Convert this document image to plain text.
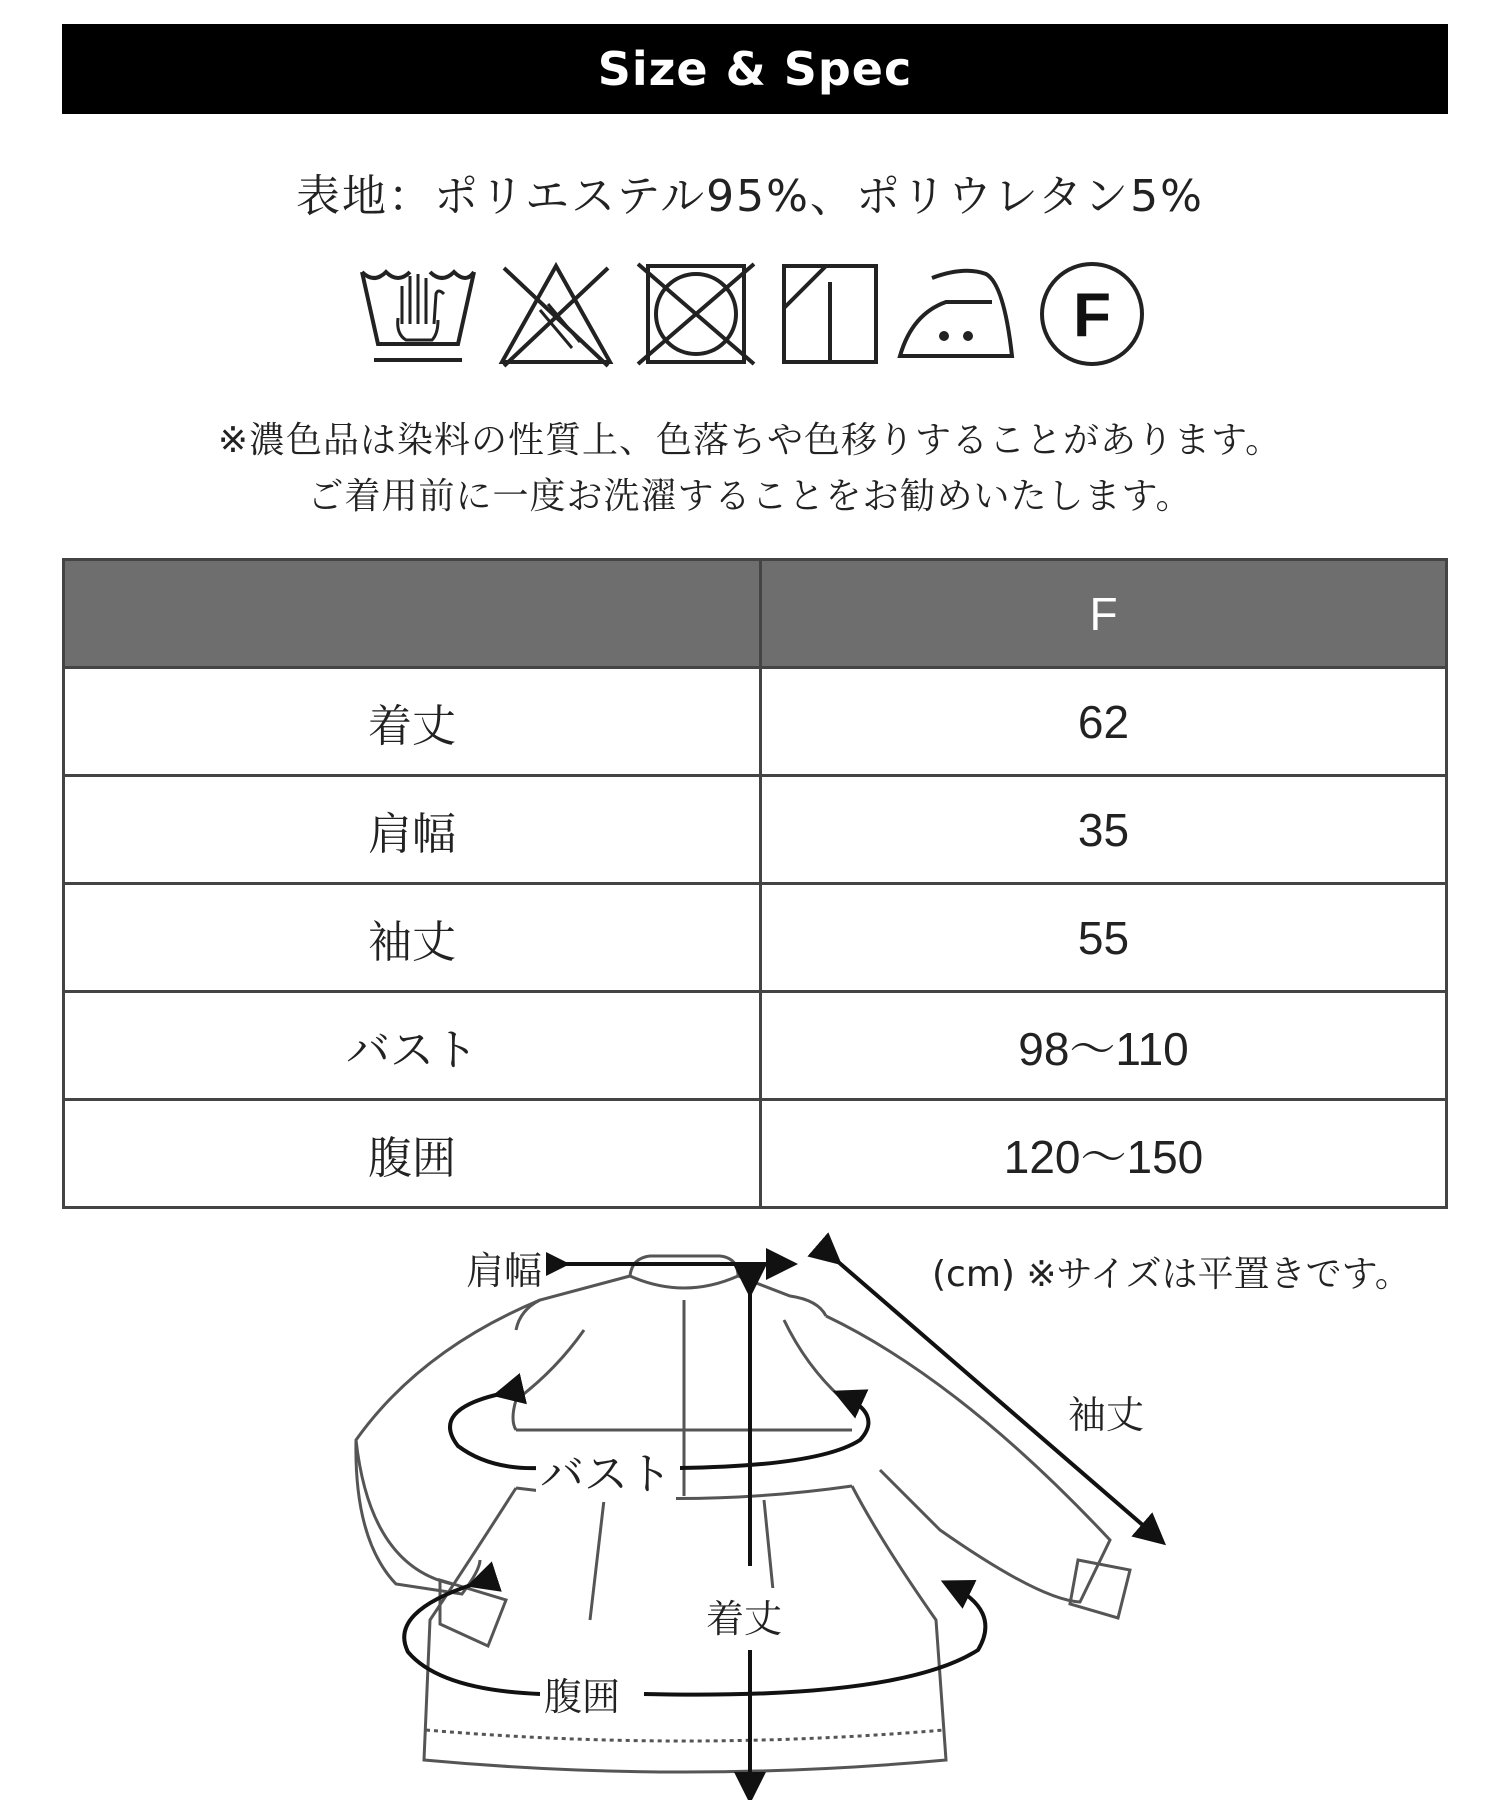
Size & Spec
表地：ポリエステル95%、ポリウレタン5%
F
※濃色品は染料の性質上、色落ちや色移りすることがあります。
ご着用前に一度お洗濯することをお勧めいたします。
	F
着丈	62
肩幅	35
袖丈	55
バスト	98〜110
腹囲	120〜150
肩幅
袖丈
バスト
着丈
腹囲
(cm) ※サイズは平置きです。
